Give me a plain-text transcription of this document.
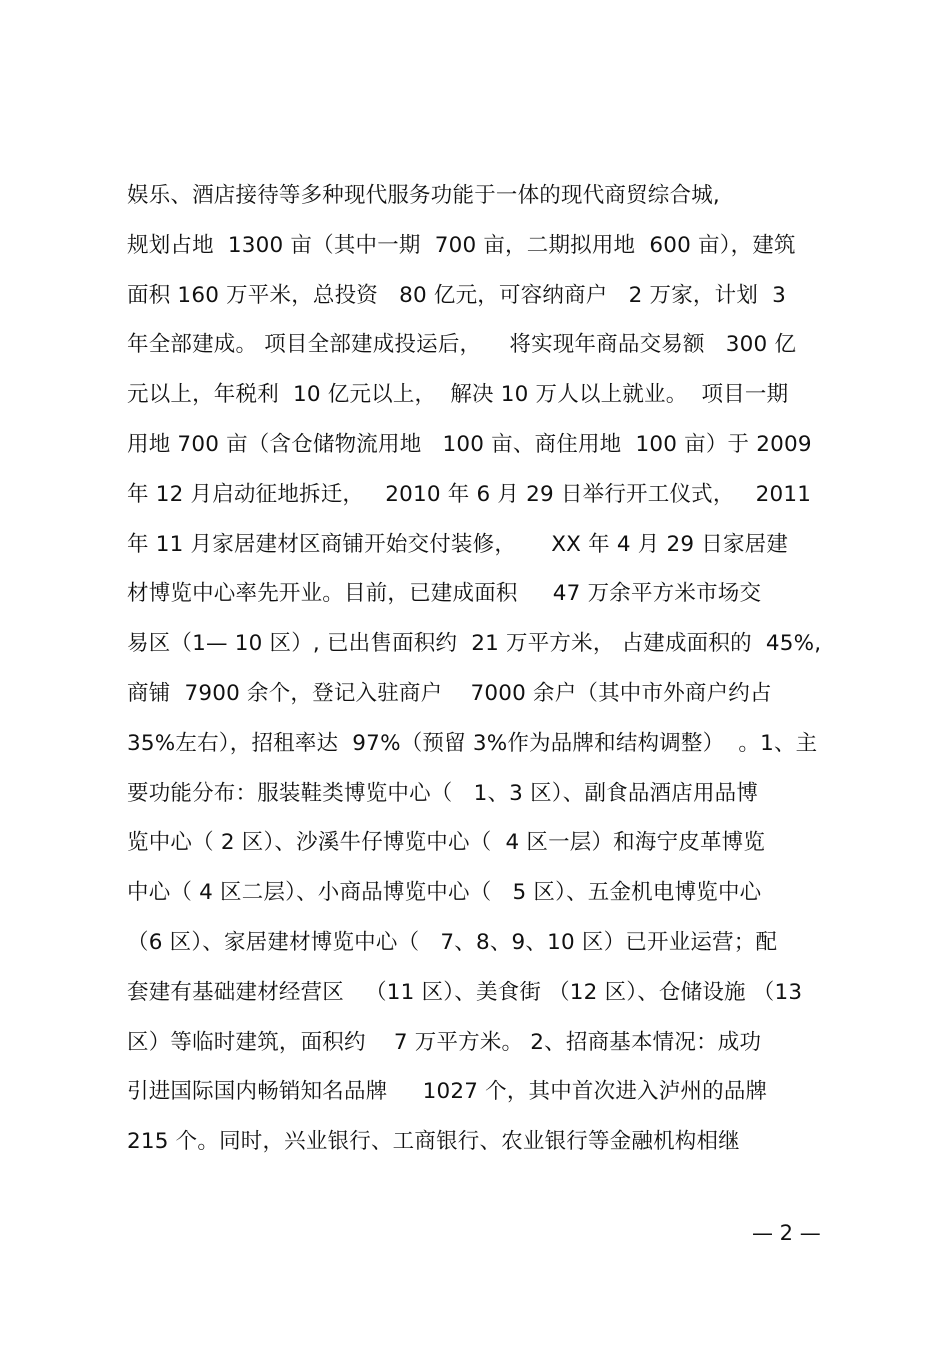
娱乐、酒店接待等多种现代服务功能于一体的现代商贸综合城,
规划占地  1300 亩（其中一期  700 亩，二期拟用地  600 亩），建筑
面积 160 万平米，总投资   80 亿元，可容纳商户   2 万家，计划  3
年全部建成。 项目全部建成投运后，    将实现年商品交易额   300 亿
元以上，年税利  10 亿元以上，  解决 10 万人以上就业。  项目一期
用地 700 亩（含仓储物流用地   100 亩、商住用地  100 亩）于 2009
年 12 月启动征地拆迁，   2010 年 6 月 29 日举行开工仪式，   2011
年 11 月家居建材区商铺开始交付装修，     XX 年 4 月 29 日家居建
材博览中心率先开业。目前，已建成面积     47 万余平方米市场交
易区（1— 10 区）, 已出售面积约  21 万平方米， 占建成面积的  45%,
商铺  7900 余个，登记入驻商户    7000 余户（其中市外商户约占
35%左右），招租率达  97%（预留 3%作为品牌和结构调整）  。1、主
要功能分布：服装鞋类博览中心（   1、3 区）、副食品酒店用品博
览中心（ 2 区）、沙溪牛仔博览中心（  4 区一层）和海宁皮革博览
中心（ 4 区二层）、小商品博览中心（   5 区）、五金机电博览中心
（6 区）、家居建材博览中心（   7、8、9、10 区）已开业运营；配
套建有基础建材经营区   （11 区）、美食街 （12 区）、仓储设施 （13
区）等临时建筑，面积约    7 万平方米。 2、招商基本情况：成功
引进国际国内畅销知名品牌     1027 个，其中首次进入泸州的品牌
215 个。同时，兴业银行、工商银行、农业银行等金融机构相继
— 2 —
